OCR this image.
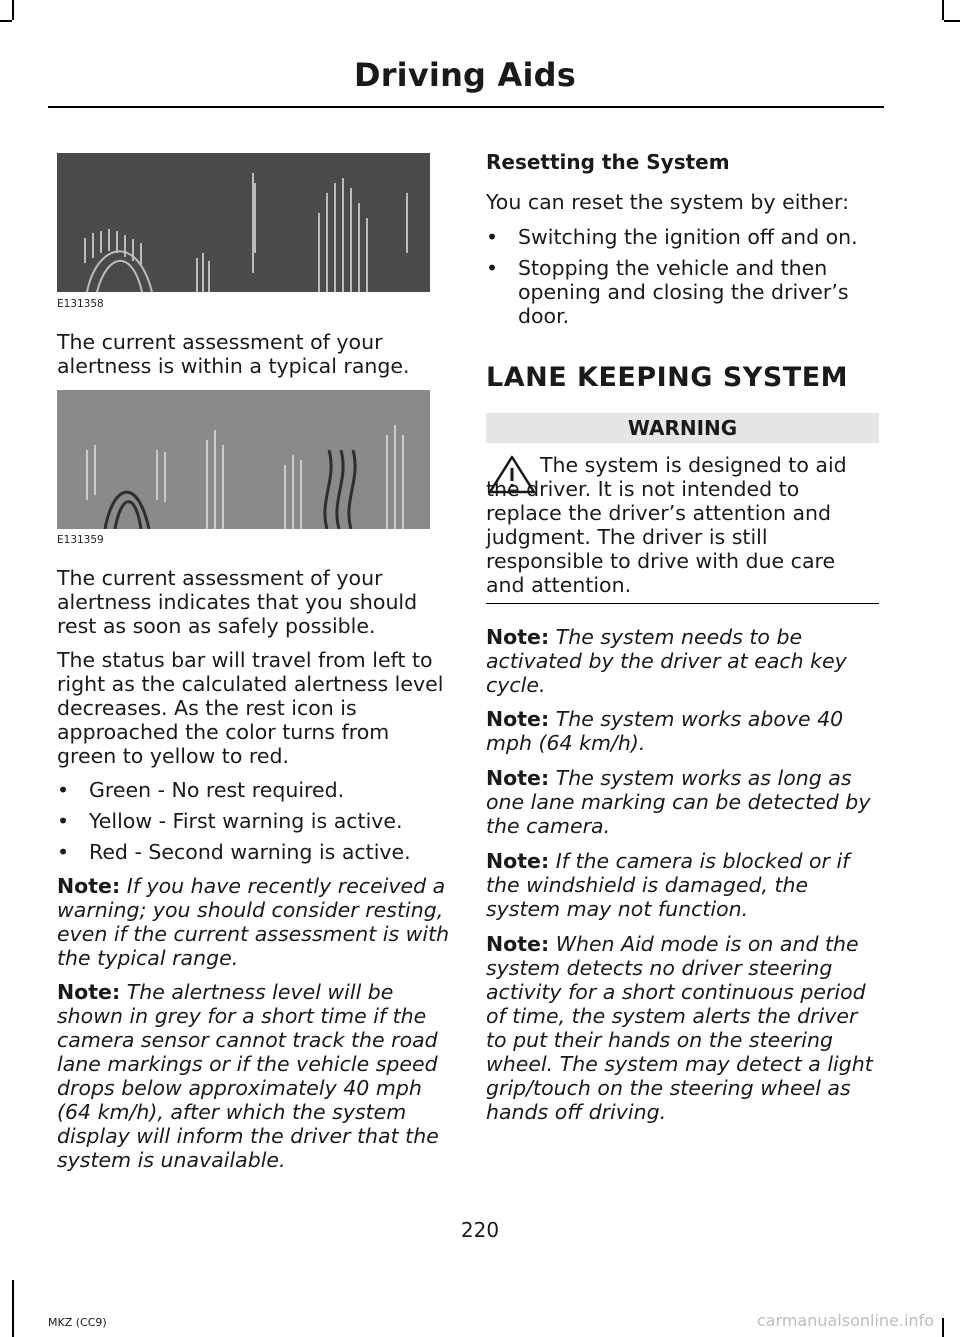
Driving Aids
E131358

The current assessment of your alertness is within a typical range.

E131359

The current assessment of your alertness indicates that you should rest as soon as safely possible.

The status bar will travel from left to right as the calculated alertness level decreases. As the rest icon is approached the color turns from green to yellow to red.

• Green - No rest required.
• Yellow - First warning is active.
• Red - Second warning is active.

Note: If you have recently received a warning; you should consider resting, even if the current assessment is with the typical range.

Note: The alertness level will be shown in grey for a short time if the camera sensor cannot track the road lane markings or if the vehicle speed drops below approximately 40 mph (64 km/h), after which the system display will inform the driver that the system is unavailable.

Resetting the System

You can reset the system by either:

• Switching the ignition off and on.
• Stopping the vehicle and then opening and closing the driver’s door.
LANE KEEPING SYSTEM
WARNING

The system is designed to aid the driver. It is not intended to replace the driver’s attention and judgment. The driver is still responsible to drive with due care and attention.

Note: The system needs to be activated by the driver at each key cycle.

Note: The system works above 40 mph (64 km/h).

Note: The system works as long as one lane marking can be detected by the camera.

Note: If the camera is blocked or if the windshield is damaged, the system may not function.

Note: When Aid mode is on and the system detects no driver steering activity for a short continuous period of time, the system alerts the driver to put their hands on the steering wheel. The system may detect a light grip/touch on the steering wheel as hands off driving.

220
MKZ (CC9)	carmanualsonline.info
